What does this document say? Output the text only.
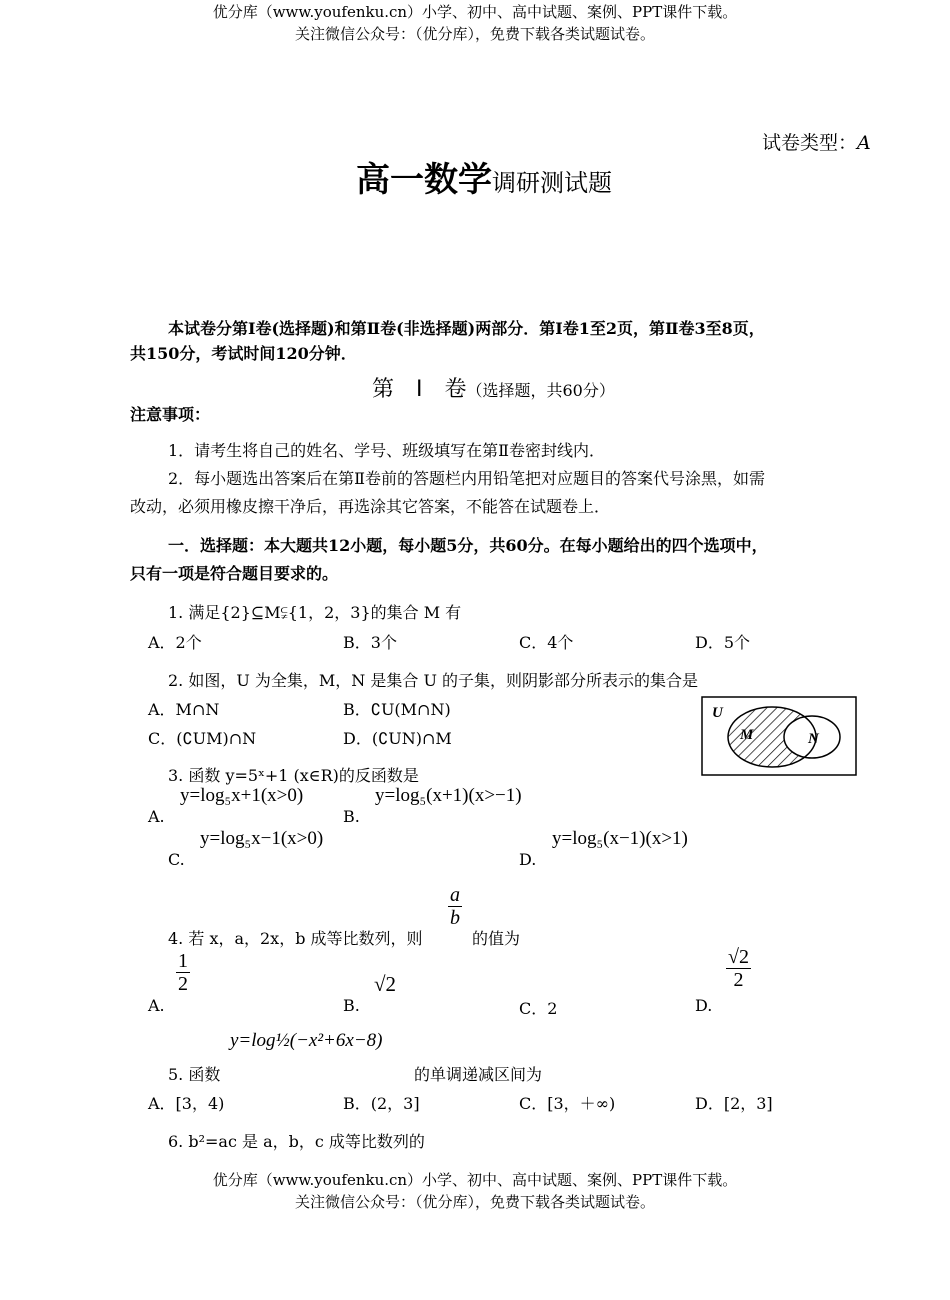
优分库（www.youfenku.cn）小学、初中、高中试题、案例、PPT课件下载。
关注微信公众号：（优分库），免费下载各类试题试卷。
试卷类型：A
高一数学调研测试题
本试卷分第Ⅰ卷(选择题)和第Ⅱ卷(非选择题)两部分．第Ⅰ卷1至2页，第Ⅱ卷3至8页，
共150分，考试时间120分钟．
第　Ⅰ　卷（选择题，共60分）
注意事项：
1．请考生将自己的姓名、学号、班级填写在第Ⅱ卷密封线内．
2．每小题选出答案后在第Ⅱ卷前的答题栏内用铅笔把对应题目的答案代号涂黑，如需
改动，必须用橡皮擦干净后，再选涂其它答案，不能答在试题卷上．
一．选择题：本大题共12小题，每小题5分，共60分。在每小题给出的四个选项中，
只有一项是符合题目要求的。
1. 满足{2}⊆M⫋{1，2，3}的集合 M 有
A．2个	B．3个	C．4个	D．5个
2. 如图，U 为全集，M，N 是集合 U 的子集，则阴影部分所表示的集合是
A．M∩N	B．∁U(M∩N)
C．(∁UM)∩N	D．(∁UN)∩M
U
M	N
3. 函数 y=5ˣ+1 (x∈R)的反函数是
y=log₅x+1(x>0)
A.
y=log₅(x+1)(x>−1)
B.
y=log₅x−1(x>0)
C.
y=log₅(x−1)(x>1)
D.
$\frac{a}{b}$
4. 若 x，a，2x，b 成等比数列，则	的值为
$\frac{1}{2}$
A.
√2
B.	C．2
$\frac{√2}{2}$
D.
y=log½(−x²+6x−8)
5. 函数	的单调递减区间为
A．[3，4)	B．(2，3]	C．[3，＋∞)	D．[2，3]
6. b²=ac 是 a，b，c 成等比数列的
优分库（www.youfenku.cn）小学、初中、高中试题、案例、PPT课件下载。
关注微信公众号：（优分库），免费下载各类试题试卷。
